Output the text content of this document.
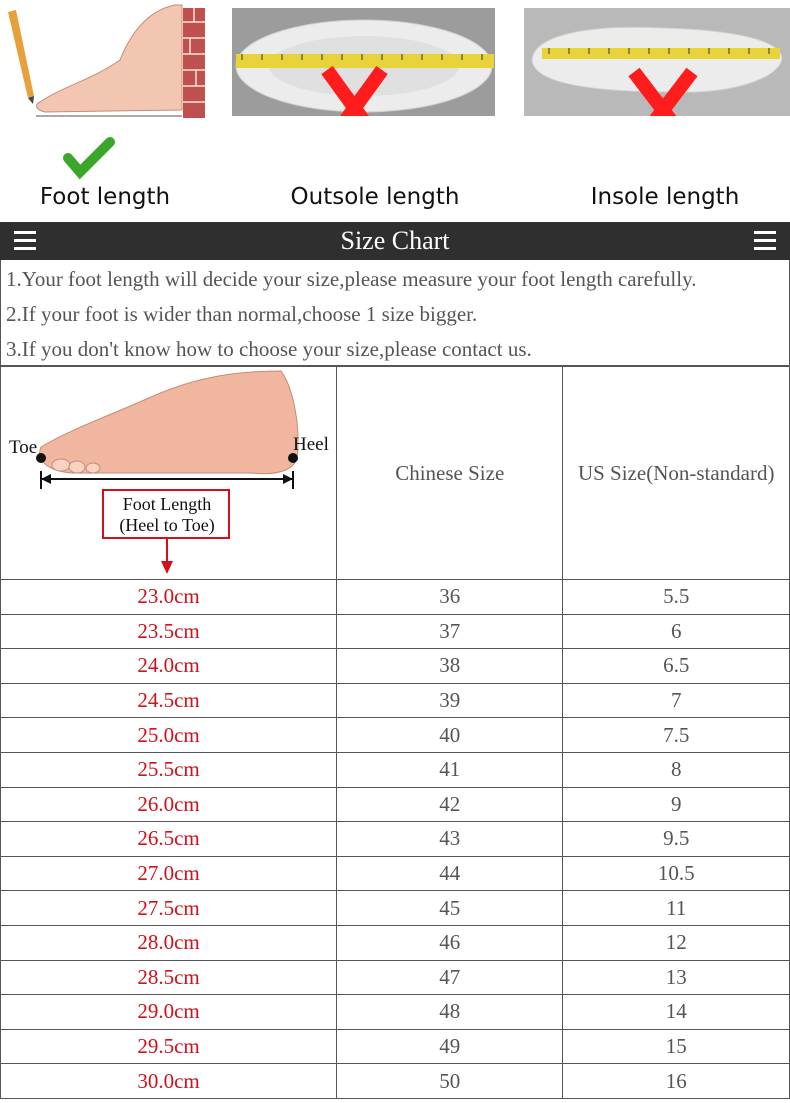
Foot length	Outsole length	Insole length
Size Chart
1.Your foot length will decide your size,please measure your foot length carefully.
2.If your foot is wider than normal,choose 1 size bigger.
3.If you don't know how to choose your size,please contact us.
Foot Length
(Heel to Toe)
Toe Heel	Chinese Size	US Size(Non-standard)
23.0cm	36	5.5
23.5cm	37	6
24.0cm	38	6.5
24.5cm	39	7
25.0cm	40	7.5
25.5cm	41	8
26.0cm	42	9
26.5cm	43	9.5
27.0cm	44	10.5
27.5cm	45	11
28.0cm	46	12
28.5cm	47	13
29.0cm	48	14
29.5cm	49	15
30.0cm	50	16
